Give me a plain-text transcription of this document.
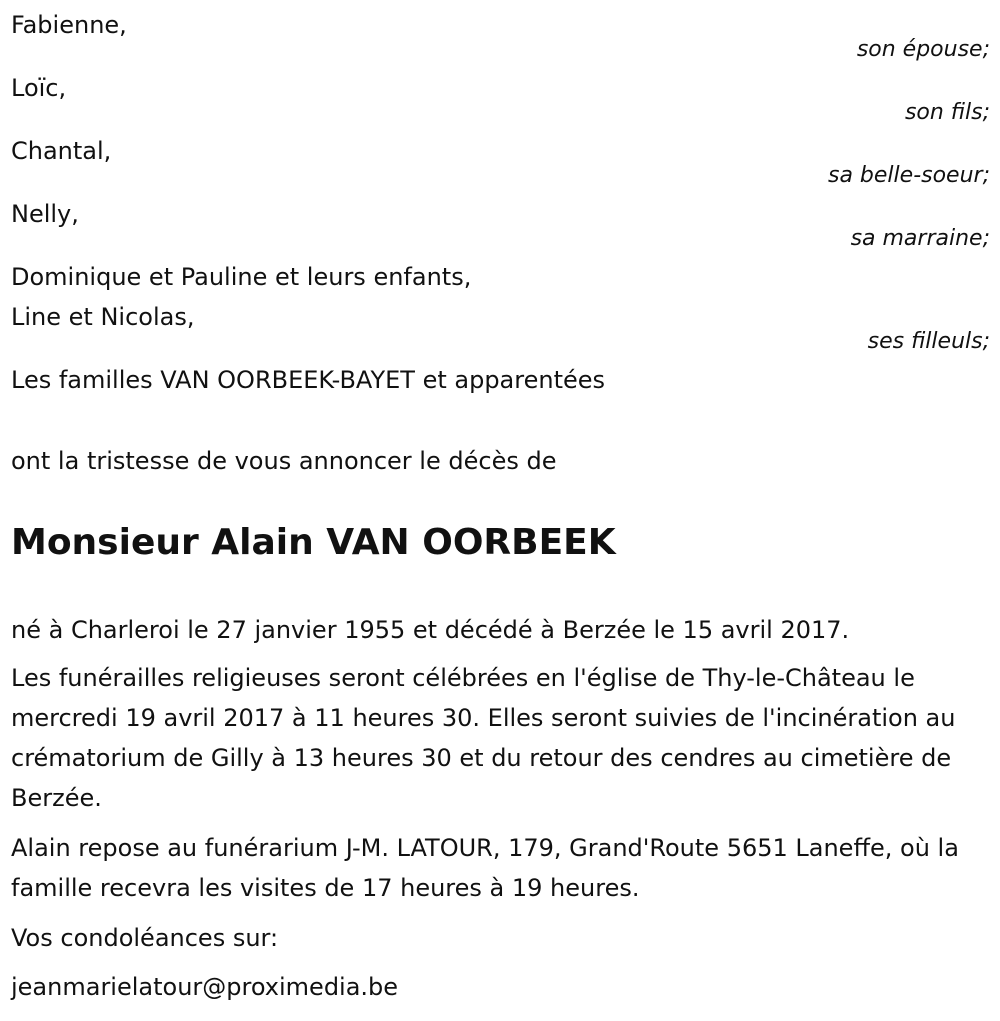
Fabienne,
son épouse;
Loïc,
son fils;
Chantal,
sa belle-soeur;
Nelly,
sa marraine;
Dominique et Pauline et leurs enfants,
Line et Nicolas,
ses filleuls;
Les familles VAN OORBEEK-BAYET et apparentées
ont la tristesse de vous annoncer le décès de
Monsieur Alain VAN OORBEEK
né à Charleroi le 27 janvier 1955 et décédé à Berzée le 15 avril 2017.
Les funérailles religieuses seront célébrées en l'église de Thy-le-Château le mercredi 19 avril 2017 à 11 heures 30. Elles seront suivies de l'incinération au crématorium de Gilly à 13 heures 30 et du retour des cendres au cimetière de Berzée.
Alain repose au funérarium J-M. LATOUR, 179, Grand'Route 5651 Laneffe, où la famille recevra les visites de 17 heures à 19 heures.
Vos condoléances sur:
jeanmarielatour@proximedia.be
